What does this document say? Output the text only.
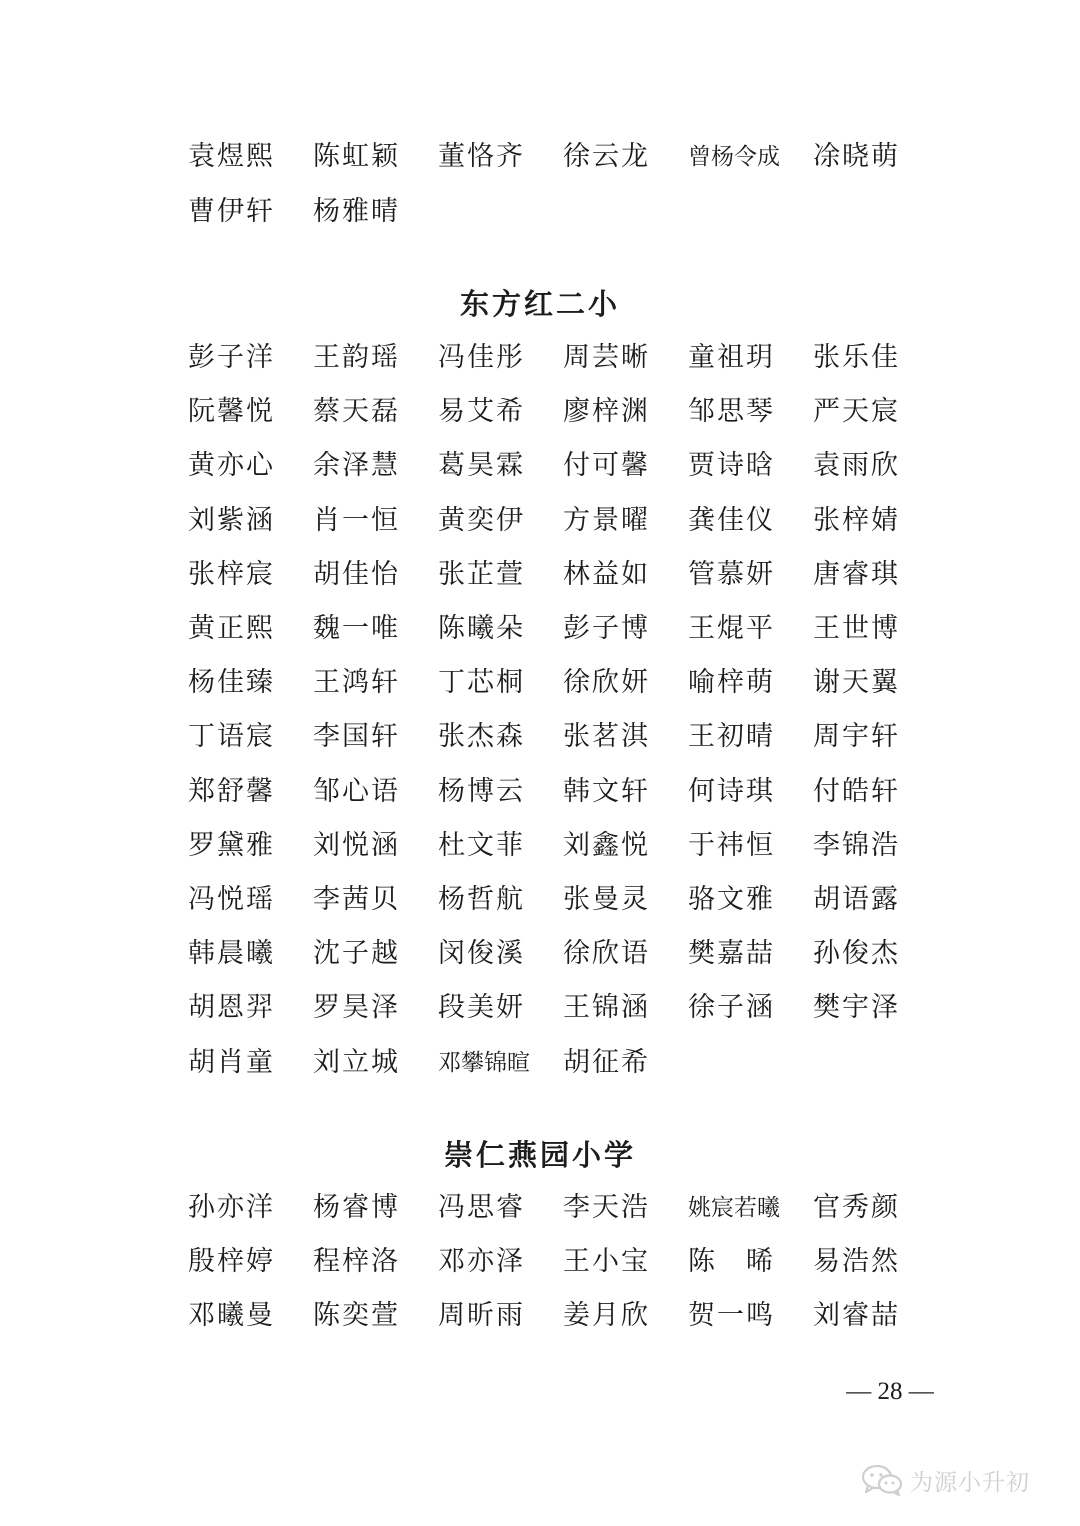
袁煜熙	陈虹颖	董恪齐	徐云龙	曾杨令成	凃晓萌
曹伊轩	杨雅晴
东方红二小
彭子洋	王韵瑶	冯佳彤	周芸晰	童祖玥	张乐佳
阮馨悦	蔡天磊	易艾希	廖梓渊	邹思琴	严天宸
黄亦心	余泽慧	葛昊霖	付可馨	贾诗晗	袁雨欣
刘紫涵	肖一恒	黄奕伊	方景曜	龚佳仪	张梓婧
张梓宸	胡佳怡	张芷萱	林益如	管慕妍	唐睿琪
黄正熙	魏一唯	陈曦朵	彭子博	王焜平	王世博
杨佳臻	王鸿轩	丁芯桐	徐欣妍	喻梓萌	谢天翼
丁语宸	李国轩	张杰森	张茗淇	王初晴	周宇轩
郑舒馨	邹心语	杨博云	韩文轩	何诗琪	付皓轩
罗黛雅	刘悦涵	杜文菲	刘鑫悦	于祎恒	李锦浩
冯悦瑶	李茜贝	杨哲航	张曼灵	骆文雅	胡语露
韩晨曦	沈子越	闵俊溪	徐欣语	樊嘉喆	孙俊杰
胡恩羿	罗昊泽	段美妍	王锦涵	徐子涵	樊宇泽
胡肖童	刘立城	邓攀锦暄	胡征希
崇仁燕园小学
孙亦洋	杨睿博	冯思睿	李天浩	姚宸若曦	官秀颜
殷梓婷	程梓洛	邓亦泽	王小宝	陈　晞	易浩然
邓曦曼	陈奕萱	周昕雨	姜月欣	贺一鸣	刘睿喆
— 28 —
为源小升初
